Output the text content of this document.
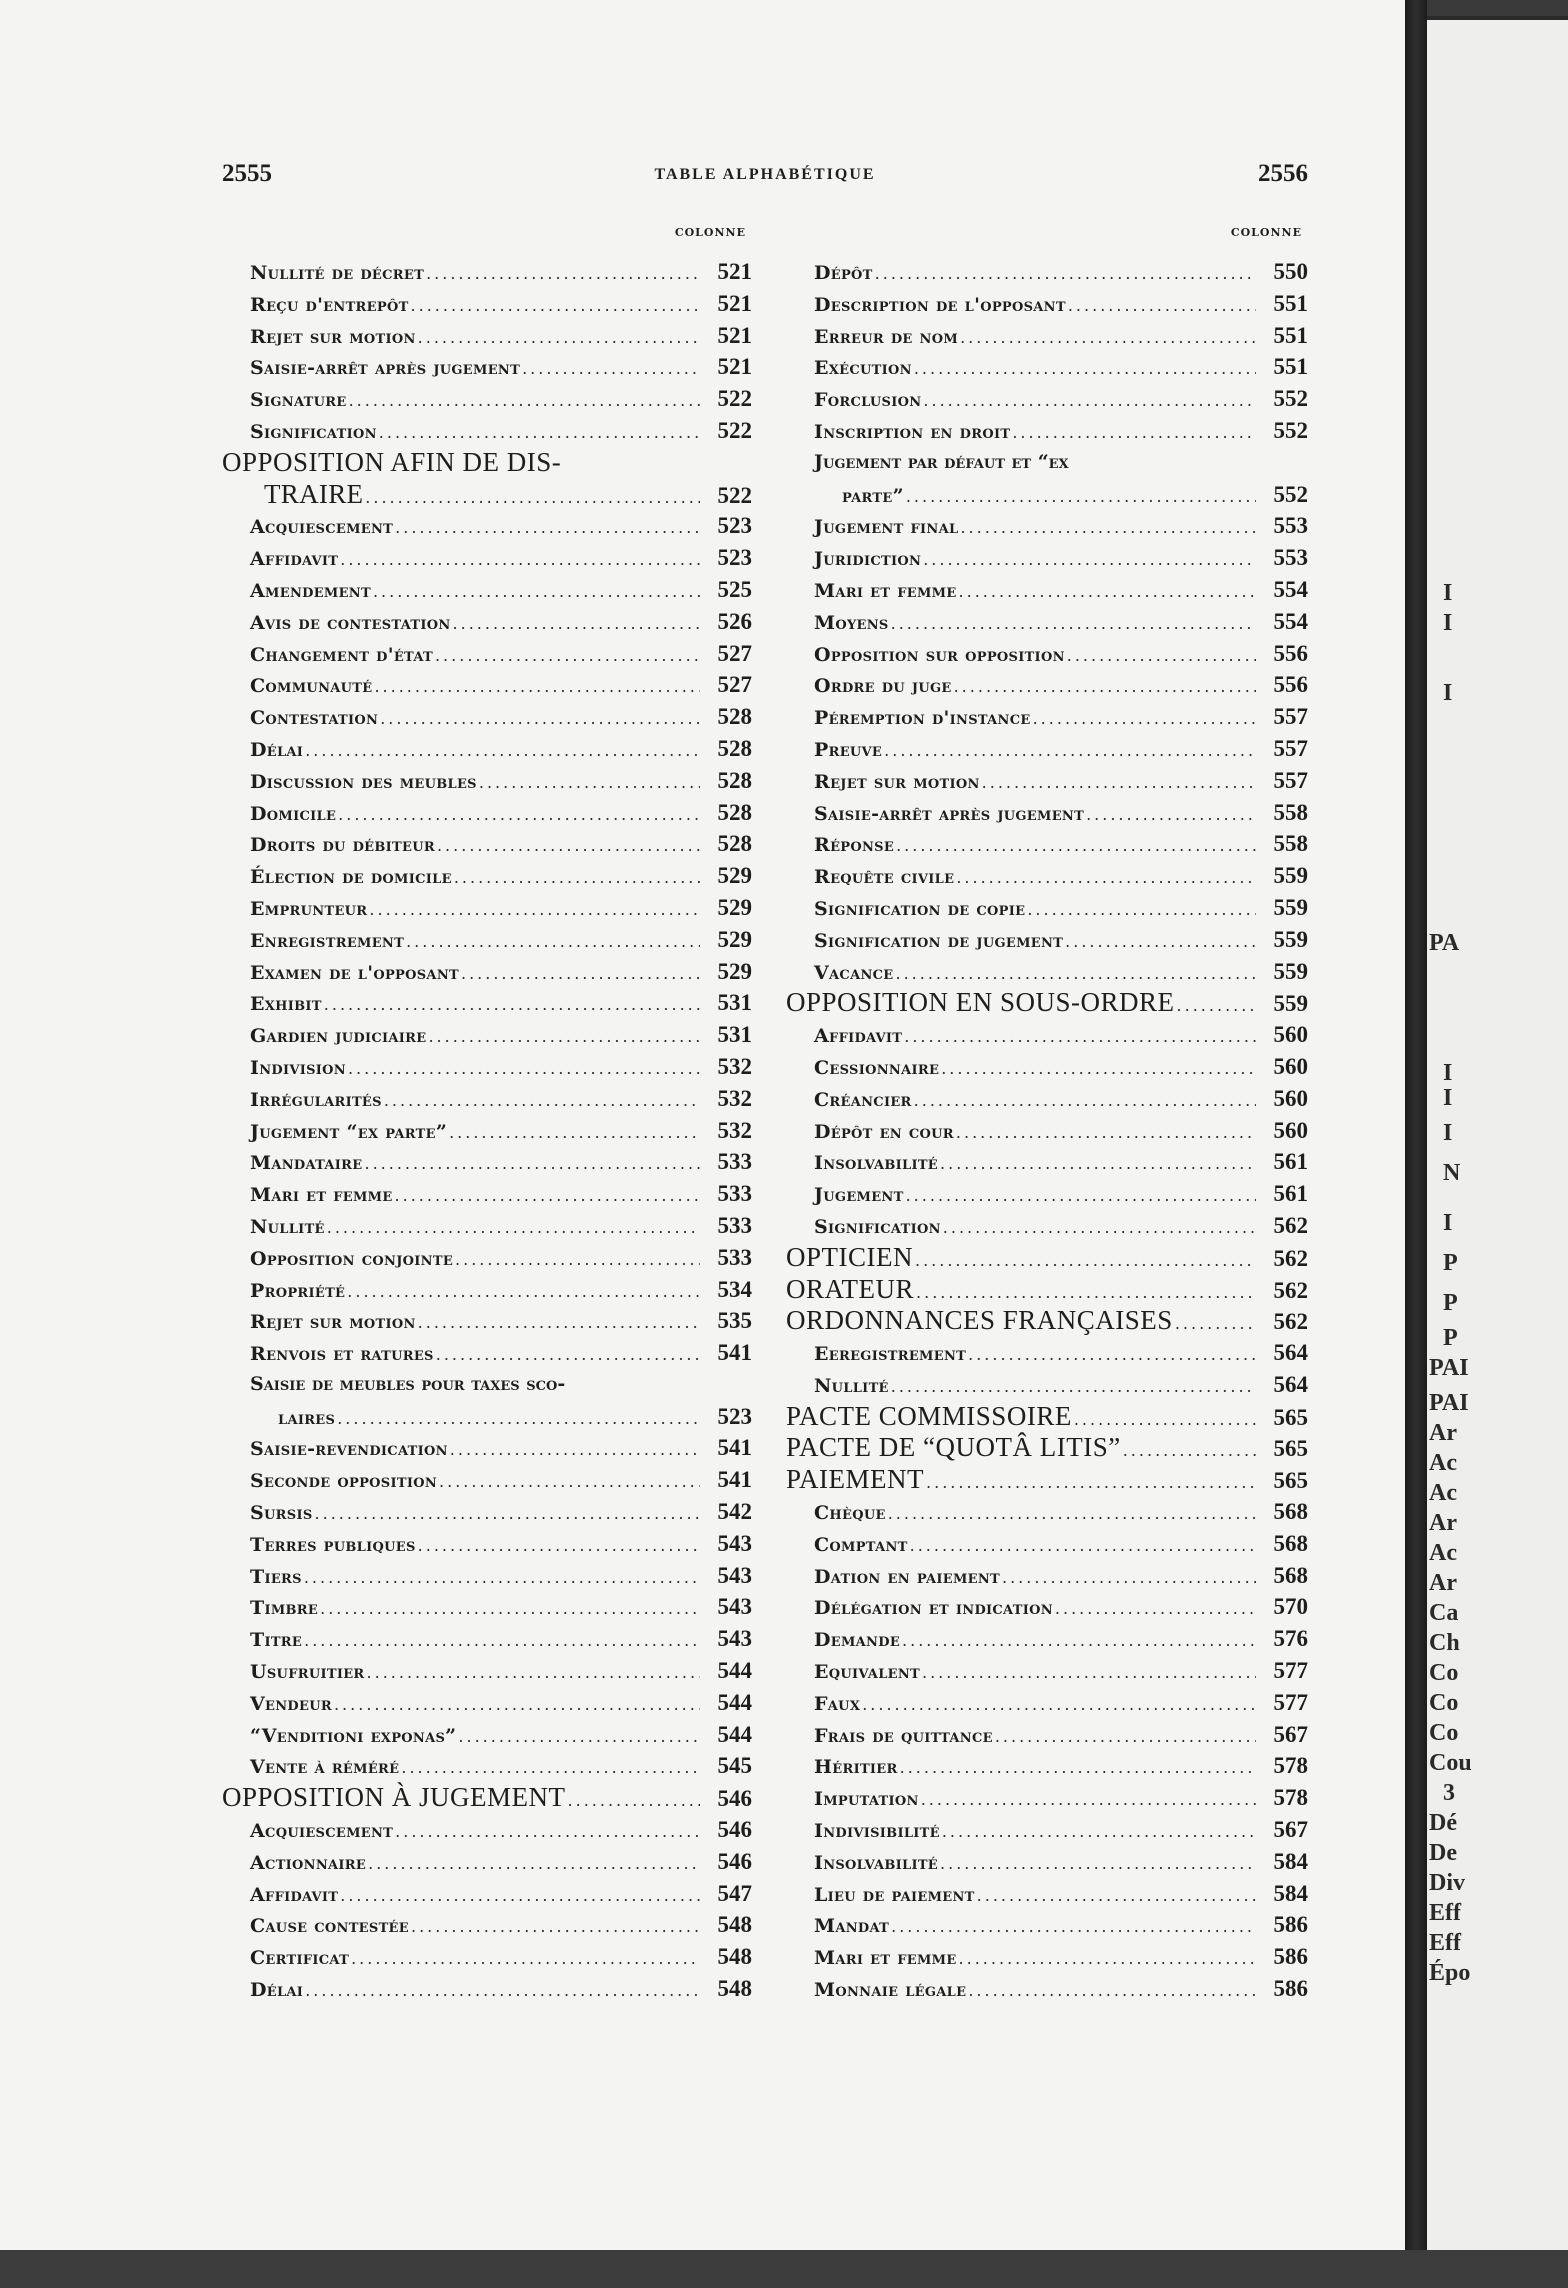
2555	TABLE ALPHABÉTIQUE	2556
COLONNE
Nullité de décret .....	521
Reçu d'entrepôt .....	521
Rejet sur motion .....	521
Saisie-arrêt après jugement .....	521
Signature .....	522
Signification .....	522
OPPOSITION AFIN DE DIS-
TRAIRE .....	522
Acquiescement .....	523
Affidavit .....	523
Amendement .....	525
Avis de contestation .....	526
Changement d'état .....	527
Communauté .....	527
Contestation .....	528
Délai .....	528
Discussion des meubles .....	528
Domicile .....	528
Droits du débiteur .....	528
Élection de domicile .....	529
Emprunteur .....	529
Enregistrement .....	529
Examen de l'opposant .....	529
Exhibit .....	531
Gardien judiciaire .....	531
Indivision .....	532
Irrégularités .....	532
Jugement “ex parte” .....	532
Mandataire .....	533
Mari et femme .....	533
Nullité .....	533
Opposition conjointe .....	533
Propriété .....	534
Rejet sur motion .....	535
Renvois et ratures .....	541
Saisie de meubles pour taxes sco-
laires .....	523
Saisie-revendication .....	541
Seconde opposition .....	541
Sursis .....	542
Terres publiques .....	543
Tiers .....	543
Timbre .....	543
Titre .....	543
Usufruitier .....	544
Vendeur .....	544
“Venditioni exponas” .....	544
Vente à réméré .....	545
OPPOSITION À JUGEMENT .....	546
Acquiescement .....	546
Actionnaire .....	546
Affidavit .....	547
Cause contestée .....	548
Certificat .....	548
Délai .....	548
COLONNE
Dépôt .....	550
Description de l'opposant .....	551
Erreur de nom .....	551
Exécution .....	551
Forclusion .....	552
Inscription en droit .....	552
Jugement par défaut et “ex
parte” .....	552
Jugement final .....	553
Juridiction .....	553
Mari et femme .....	554
Moyens .....	554
Opposition sur opposition .....	556
Ordre du juge .....	556
Péremption d'instance .....	557
Preuve .....	557
Rejet sur motion .....	557
Saisie-arrêt après jugement .....	558
Réponse .....	558
Requête civile .....	559
Signification de copie .....	559
Signification de jugement .....	559
Vacance .....	559
OPPOSITION EN SOUS-ORDRE .....	559
Affidavit .....	560
Cessionnaire .....	560
Créancier .....	560
Dépôt en cour .....	560
Insolvabilité .....	561
Jugement .....	561
Signification .....	562
OPTICIEN .....	562
ORATEUR .....	562
ORDONNANCES FRANÇAISES .....	562
Eeregistrement .....	564
Nullité .....	564
PACTE COMMISSOIRE .....	565
PACTE DE “QUOTÂ LITIS” .....	565
PAIEMENT .....	565
Chèque .....	568
Comptant .....	568
Dation en paiement .....	568
Délégation et indication .....	570
Demande .....	576
Equivalent .....	577
Faux .....	577
Frais de quittance .....	567
Héritier .....	578
Imputation .....	578
Indivisibilité .....	567
Insolvabilité .....	584
Lieu de paiement .....	584
Mandat .....	586
Mari et femme .....	586
Monnaie légale .....	586
I
I
I
PA
I
I
I
N
I
P
P
P
PAI
PAI
Ar
Ac
Ac
Ar
Ac
Ar
Ca
Ch
Co
Co
Co
Cou
3
Dé
De
Div
Eff
Eff
Épo
